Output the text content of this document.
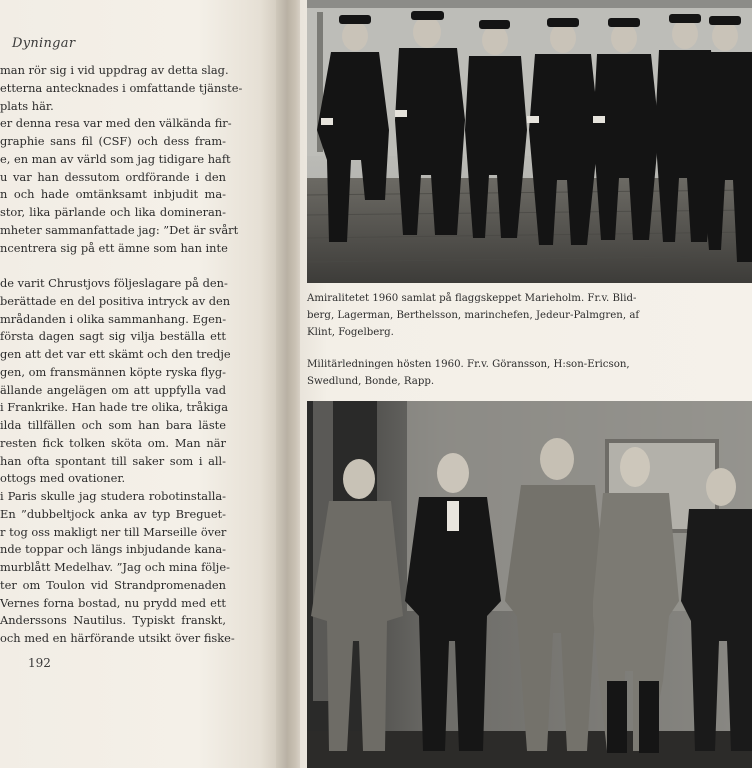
Dyningar
man rör sig i vid uppdrag av detta slag.
etterna antecknades i omfattande tjänste-
plats här.
er denna resa var med den välkända fir-
graphie sans fil (CSF) och dess fram-
e, en man av värld som jag tidigare haft
u var han dessutom ordförande i den
n och hade omtänksamt inbjudit ma-
stor, lika pärlande och lika domineran-
mheter sammanfattade jag: ”Det är svårt
ncentrera sig på ett ämne som han inte
de varit Chrustjovs följeslagare på den-
berättade en del positiva intryck av den
mrådanden i olika sammanhang. Egen-
första dagen sagt sig vilja beställa ett
gen att det var ett skämt och den tredje
gen, om fransmännen köpte ryska flyg-
ällande angelägen om att uppfylla vad
i Frankrike. Han hade tre olika, tråkiga
ilda tillfällen och som han bara läste
resten fick tolken sköta om. Man när
han ofta spontant till saker som i all-
ottogs med ovationer.
i Paris skulle jag studera robotinstalla-
En ”dubbeltjock anka av typ Breguet-
r tog oss makligt ner till Marseille över
nde toppar och längs inbjudande kana-
murblått Medelhav. ”Jag och mina följe-
ter om Toulon vid Strandpromenaden
Vernes forna bostad, nu prydd med ett
Anderssons Nautilus. Typiskt franskt,
och med en härförande utsikt över fiske-
192
Amiralitetet 1960 samlat på flaggskeppet Marieholm. Fr.v. Blid-berg, Lagerman, Berthelsson, marinchefen, Jedeur-Palmgren, af Klint, Fogelberg.
Militärledningen hösten 1960. Fr.v. Göransson, H:son-Ericson, Swedlund, Bonde, Rapp.
